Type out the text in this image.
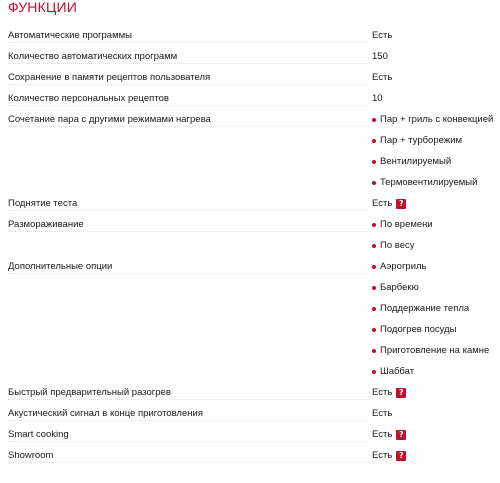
ФУНКЦИИ
Автоматические программы	Есть
Количество автоматических программ	150
Сохранение в памяти рецептов пользователя	Есть
Количество персональных рецептов	10
Сочетание пара с другими режимами нагрева	Пар + гриль с конвекцией
Пар + турборежим
Вентилируемый
Термовентилируемый
Поднятие теста	Есть ?
Размораживание	По времени
По весу
Дополнительные опции	Аэрогриль
Барбекю
Поддержание тепла
Подогрев посуды
Приготовление на камне
Шаббат
Быстрый предварительный разогрев	Есть ?
Акустический сигнал в конце приготовления	Есть
Smart cooking	Есть ?
Showroom	Есть ?
